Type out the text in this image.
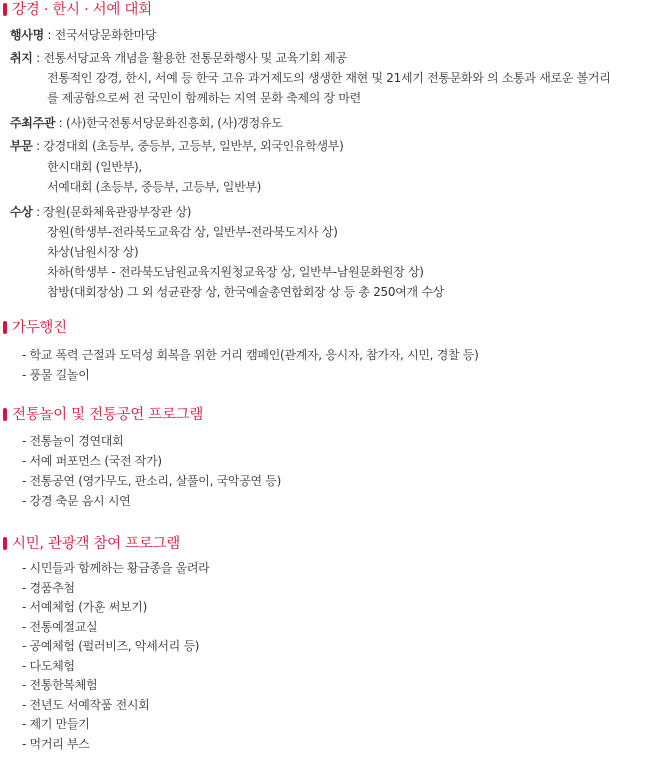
강경 · 한시 · 서예 대회
행사명 : 전국서당문화한마당
취지 : 전통서당교육 개념을 활용한 전통문화행사 및 교육기회 제공
전통적인 강경, 한시, 서예 등 한국 고유 과거제도의 생생한 재현 및 21세기 전통문화와 의 소통과 새로운 볼거리
를 제공함으로써 전 국민이 함께하는 지역 문화 축제의 장 마련
주최주관 : (사)한국전통서당문화진흥회, (사)갱정유도
부문 : 강경대회 (초등부, 중등부, 고등부, 일반부, 외국인유학생부)
한시대회 (일반부),
서예대회 (초등부, 중등부, 고등부, 일반부)
수상 : 장원(문화체육관광부장관 상)
장원(학생부-전라북도교육감 상, 일반부-전라북도지사 상)
차상(남원시장 상)
차하(학생부 - 전라북도남원교육지원청교육장 상, 일반부-남원문화원장 상)
참방(대회장상) 그 외 성균관장 상, 한국예술총연합회장 상 등 총 250여개 수상
가두행진
- 학교 폭력 근절과 도덕성 회복을 위한 거리 캠페인(관계자, 응시자, 참가자, 시민, 경찰 등)
- 풍물 길놀이
전통놀이 및 전통공연 프로그램
- 전통놀이 경연대회
- 서예 퍼포먼스 (국전 작가)
- 전통공연 (영가무도, 판소리, 살풀이, 국악공연 등)
- 강경 축문 음시 시연
시민, 관광객 참여 프로그램
- 시민들과 함께하는 황금종을 울려라
- 경품추첨
- 서예체험 (가훈 써보기)
- 전통예절교실
- 공예체험 (펄러비즈, 악세서리 등)
- 다도체험
- 전통한복체험
- 전년도 서예작품 전시회
- 제기 만들기
- 먹거리 부스
